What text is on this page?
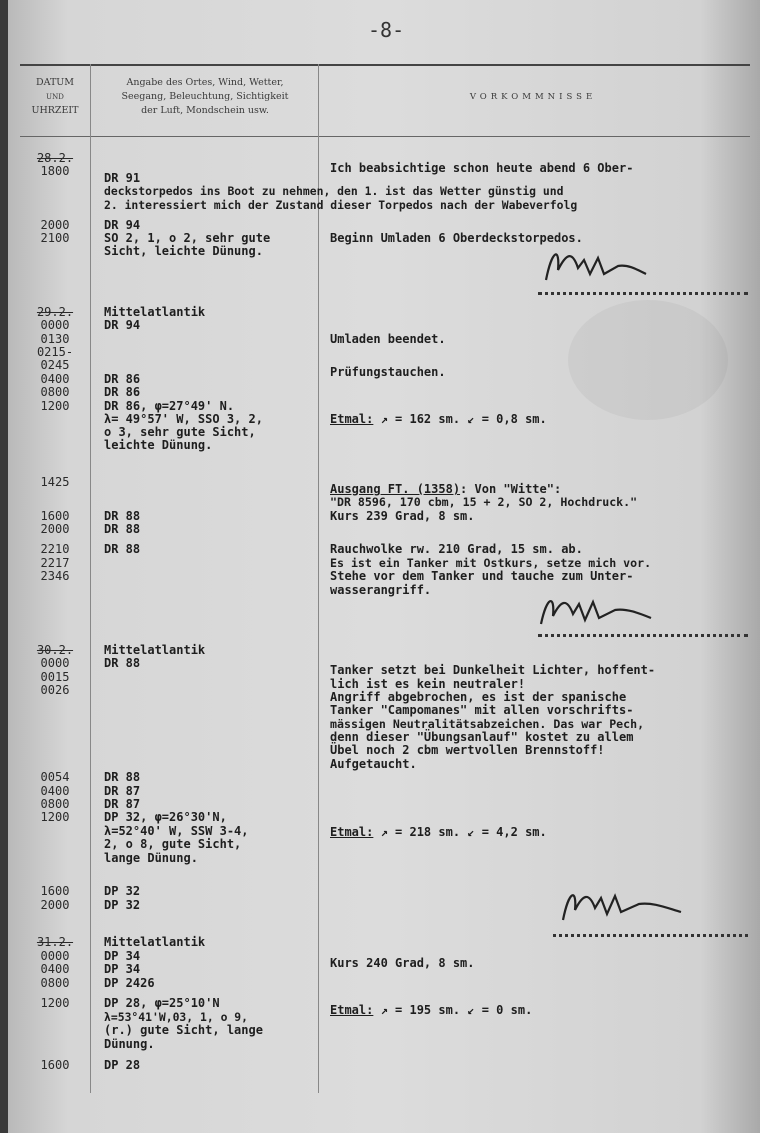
-8-
DATUM
und
UHRZEIT
Angabe des Ortes, Wind, Wetter,
Seegang, Beleuchtung, Sichtigkeit
der Luft, Mondschein usw.
VORKOMMNISSE
28.2.
1800
2000
2100
DR 91
Ich beabsichtige schon heute abend 6 Ober-
deckstorpedos ins Boot zu nehmen, den 1. ist das Wetter günstig und
2. interessiert mich der Zustand dieser Torpedos nach der Wabeverfolg
DR 94
SO 2, 1, o 2, sehr gute
Sicht, leichte Dünung.
Beginn Umladen 6 Oberdeckstorpedos.
29.2.
0000
0130
0215-
0245
0400
0800
1200
Mittelatlantik
DR 94
DR 86
DR 86
DR 86, φ=27°49' N.
λ= 49°57' W, SSO 3, 2,
o 3, sehr gute Sicht,
leichte Dünung.
Umladen beendet.
Prüfungstauchen.
Etmal: ↗ = 162 sm. ↙ = 0,8 sm.
1425
1600
2000
2210
2217
2346
DR 88
DR 88
DR 88
Ausgang FT. (1358): Von "Witte":
"DR 8596, 170 cbm, 15 + 2, SO 2, Hochdruck."
Kurs 239 Grad, 8 sm.
Rauchwolke rw. 210 Grad, 15 sm. ab.
Es ist ein Tanker mit Ostkurs, setze mich vor.
Stehe vor dem Tanker und tauche zum Unter-
wasserangriff.
30.2.
0000
0015
0026
Mittelatlantik
DR 88	Tanker setzt bei Dunkelheit Lichter, hoffent-
lich ist es kein neutraler!
Angriff abgebrochen, es ist der spanische
Tanker "Campomanes" mit allen vorschrifts-
mässigen Neutralitätsabzeichen. Das war Pech,
denn dieser "Übungsanlauf" kostet zu allem
Übel noch 2 cbm wertvollen Brennstoff!
Aufgetaucht.
0054
0400
0800
1200
DR 88
DR 87
DR 87
DP 32, φ=26°30'N,
λ=52°40' W, SSW 3-4,
2, o 8, gute Sicht,
lange Dünung.
Etmal: ↗ = 218 sm. ↙ = 4,2 sm.
1600
2000
DP 32
DP 32
31.2.
0000
0400
0800
1200
1600
Mittelatlantik
DP 34
DP 34
DP 2426
DP 28, φ=25°10'N
λ=53°41'W,03, 1, o 9,
(r.) gute Sicht, lange
Dünung.
DP 28
Kurs 240 Grad, 8 sm.
Etmal: ↗ = 195 sm. ↙ = 0 sm.
